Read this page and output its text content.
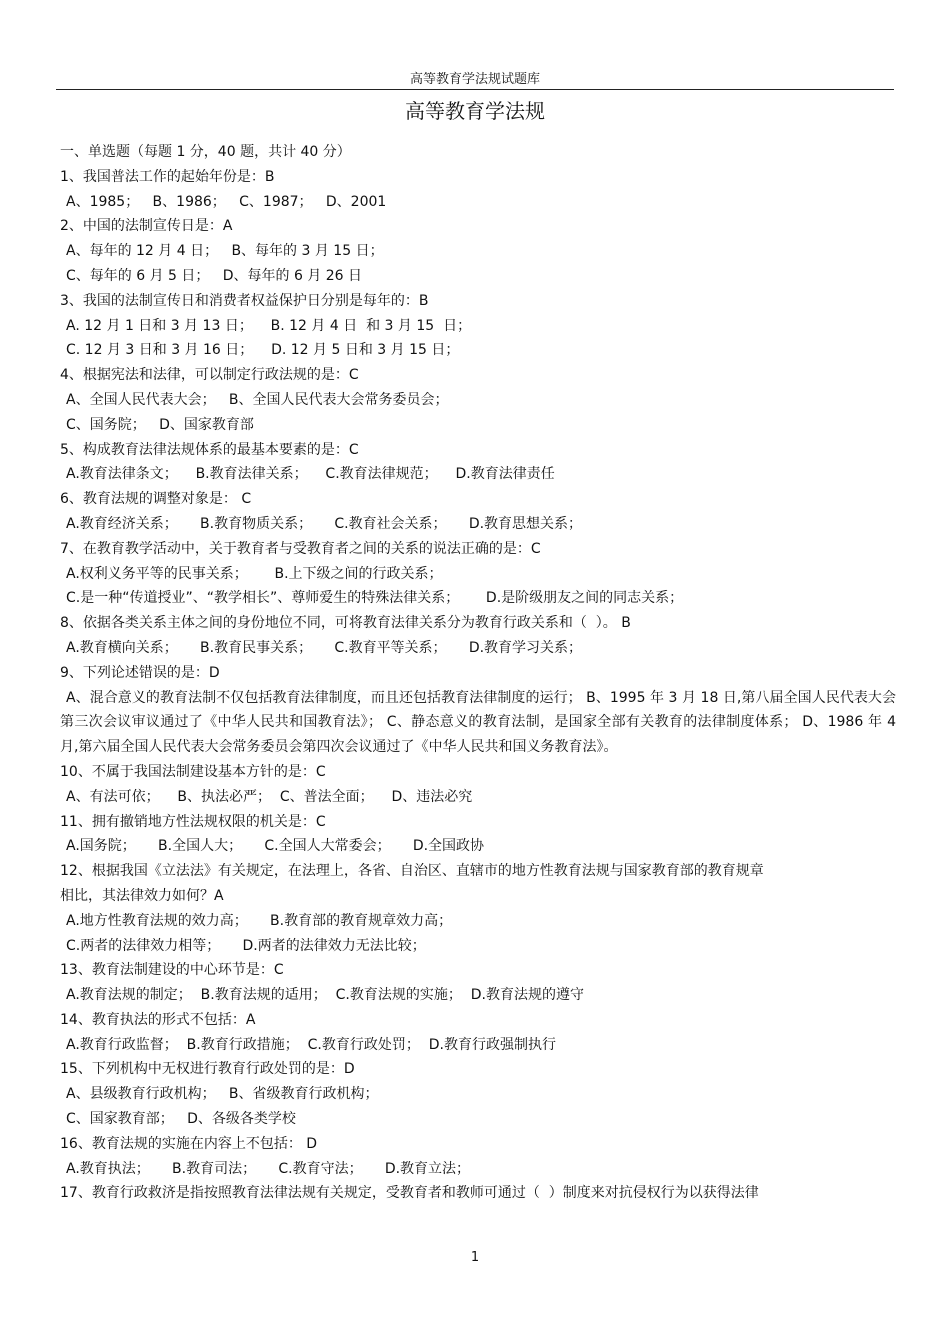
高等教育学法规试题库
高等教育学法规
一、单选题（每题 1 分，40 题，共计 40 分）
1、我国普法工作的起始年份是：B
A、1985；   B、1986；   C、1987；   D、2001
2、中国的法制宣传日是：A
A、每年的 12 月 4 日；   B、每年的 3 月 15 日；
C、每年的 6 月 5 日；   D、每年的 6 月 26 日
3、我国的法制宣传日和消费者权益保护日分别是每年的：B
A. 12 月 1 日和 3 月 13 日；    B. 12 月 4 日  和 3 月 15  日；
C. 12 月 3 日和 3 月 16 日；    D. 12 月 5 日和 3 月 15 日；
4、根据宪法和法律，可以制定行政法规的是：C
A、全国人民代表大会；   B、全国人民代表大会常务委员会；
C、国务院；   D、国家教育部
5、构成教育法律法规体系的最基本要素的是：C
A.教育法律条文；    B.教育法律关系；    C.教育法律规范；    D.教育法律责任
6、教育法规的调整对象是： C
A.教育经济关系；     B.教育物质关系；     C.教育社会关系；     D.教育思想关系；
7、在教育教学活动中，关于教育者与受教育者之间的关系的说法正确的是：C
A.权利义务平等的民事关系；      B.上下级之间的行政关系；
C.是一种“传道授业”、“教学相长”、尊师爱生的特殊法律关系；      D.是阶级朋友之间的同志关系；
8、依据各类关系主体之间的身份地位不同，可将教育法律关系分为教育行政关系和（  ）。 B
A.教育横向关系；     B.教育民事关系；     C.教育平等关系；     D.教育学习关系；
9、下列论述错误的是：D
A、混合意义的教育法制不仅包括教育法律制度，而且还包括教育法律制度的运行； B、1995 年 3 月 18 日,第八届全国人民代表大会第三次会议审议通过了《中华人民共和国教育法》； C、静态意义的教育法制，是国家全部有关教育的法律制度体系； D、1986 年 4 月,第六届全国人民代表大会常务委员会第四次会议通过了《中华人民共和国义务教育法》。
10、不属于我国法制建设基本方针的是：C
A、有法可依；    B、执法必严；  C、普法全面；    D、违法必究
11、拥有撤销地方性法规权限的机关是：C
A.国务院；     B.全国人大；     C.全国人大常委会；     D.全国政协
12、根据我国《立法法》有关规定，在法理上，各省、自治区、直辖市的地方性教育法规与国家教育部的教育规章
相比，其法律效力如何？A
A.地方性教育法规的效力高；     B.教育部的教育规章效力高；
C.两者的法律效力相等；     D.两者的法律效力无法比较；
13、教育法制建设的中心环节是：C
A.教育法规的制定；  B.教育法规的适用；  C.教育法规的实施；  D.教育法规的遵守
14、教育执法的形式不包括：A
A.教育行政监督；  B.教育行政措施；  C.教育行政处罚；  D.教育行政强制执行
15、下列机构中无权进行教育行政处罚的是：D
A、县级教育行政机构；   B、省级教育行政机构；
C、国家教育部；   D、各级各类学校
16、教育法规的实施在内容上不包括： D
A.教育执法；     B.教育司法；     C.教育守法；     D.教育立法；
17、教育行政救济是指按照教育法律法规有关规定，受教育者和教师可通过（  ）制度来对抗侵权行为以获得法律
1
